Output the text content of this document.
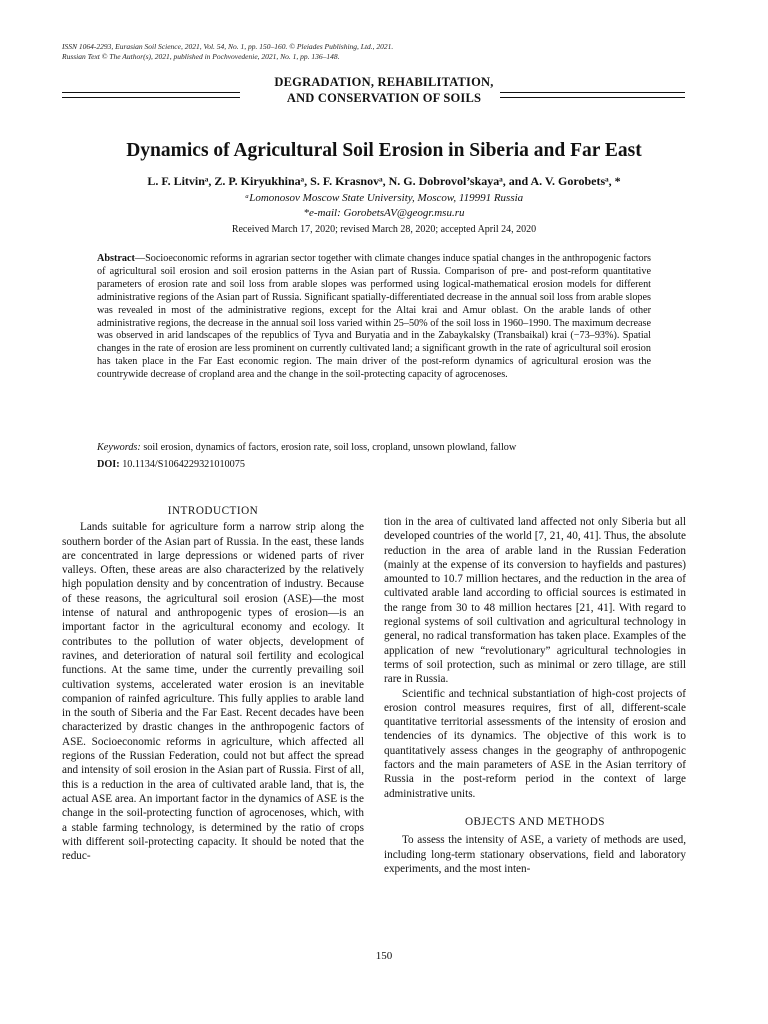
ISSN 1064-2293, Eurasian Soil Science, 2021, Vol. 54, No. 1, pp. 150–160. © Pleiades Publishing, Ltd., 2021.
Russian Text © The Author(s), 2021, published in Pochvovedenie, 2021, No. 1, pp. 136–148.
DEGRADATION, REHABILITATION,
AND CONSERVATION OF SOILS
Dynamics of Agricultural Soil Erosion in Siberia and Far East
L. F. Litvinᵃ, Z. P. Kiryukhinaᵃ, S. F. Krasnovᵃ, N. G. Dobrovol’skayaᵃ, and A. V. Gorobetsᵃ, *
ᵃLomonosov Moscow State University, Moscow, 119991 Russia
*e-mail: GorobetsAV@geogr.msu.ru
Received March 17, 2020; revised March 28, 2020; accepted April 24, 2020
Abstract—Socioeconomic reforms in agrarian sector together with climate changes induce spatial changes in the anthropogenic factors of agricultural soil erosion and soil erosion patterns in the Asian part of Russia. Comparison of pre- and post-reform quantitative parameters of erosion rate and soil loss from arable slopes was performed using logical-mathematical erosion models for different administrative regions of the Asian part of Russia. Significant spatially-differentiated decrease in the annual soil loss from arable slopes was revealed in most of the administrative regions, except for the Altai krai and Amur oblast. On the arable lands of other administrative regions, the decrease in the annual soil loss varied within 25–50% of the soil loss in 1960–1990. The maximum decrease was observed in arid landscapes of the republics of Tyva and Buryatia and in the Zabaykalsky (Transbaikal) krai (−73–93%). Spatial changes in the rate of erosion are less prominent on currently cultivated land; a significant growth in the rate of agricultural soil erosion has taken place in the Far East economic region. The main driver of the post-reform dynamics of agricultural erosion was the countrywide decrease of cropland area and the change in the soil-protecting capacity of agrocenoses.
Keywords: soil erosion, dynamics of factors, erosion rate, soil loss, cropland, unsown plowland, fallow
DOI: 10.1134/S1064229321010075
INTRODUCTION

Lands suitable for agriculture form a narrow strip along the southern border of the Asian part of Russia. In the east, these lands are concentrated in large depressions or widened parts of river valleys. Often, these areas are also characterized by the relatively high population density and by concentration of industry. Because of these reasons, the agricultural soil erosion (ASE)—the most intense of natural and anthropogenic types of erosion—is an important factor in the agricultural economy and ecology. It contributes to the pollution of water objects, development of ravines, and deterioration of natural soil fertility and ecological functions. At the same time, under the currently prevailing soil cultivation systems, accelerated water erosion is an inevitable companion of rainfed agriculture. This fully applies to arable land in the south of Siberia and the Far East. Recent decades have been characterized by drastic changes in the anthropogenic factors of ASE. Socioeconomic reforms in agriculture, which affected all regions of the Russian Federation, could not but affect the spread and intensity of soil erosion in the Asian part of Russia. First of all, this is a reduction in the area of cultivated arable land, that is, the actual ASE area. An important factor in the dynamics of ASE is the change in the soil-protecting function of agrocenoses, which, with a stable farming technology, is determined by the ratio of crops with different soil-protecting capacity. It should be noted that the reduc-

tion in the area of cultivated land affected not only Siberia but all developed countries of the world [7, 21, 40, 41]. Thus, the absolute reduction in the area of arable land in the Russian Federation (mainly at the expense of its conversion to hayfields and pastures) amounted to 10.7 million hectares, and the reduction in the area of cultivated arable land according to official sources is estimated in the range from 30 to 48 million hectares [21, 41]. With regard to regional systems of soil cultivation and agricultural technology in general, no radical transformation has taken place. Examples of the application of new “revolutionary” agricultural technologies in terms of soil protection, such as minimal or zero tillage, are still rare in Russia.

Scientific and technical substantiation of high-cost projects of erosion control measures requires, first of all, different-scale quantitative territorial assessments of the intensity of erosion and tendencies of its dynamics. The objective of this work is to quantitatively assess changes in the geography of anthropogenic factors and the main parameters of ASE in the Asian territory of Russia in the post-reform period in the context of large administrative units.

OBJECTS AND METHODS

To assess the intensity of ASE, a variety of methods are used, including long-term stationary observations, field and laboratory experiments, and the most inten-

150
